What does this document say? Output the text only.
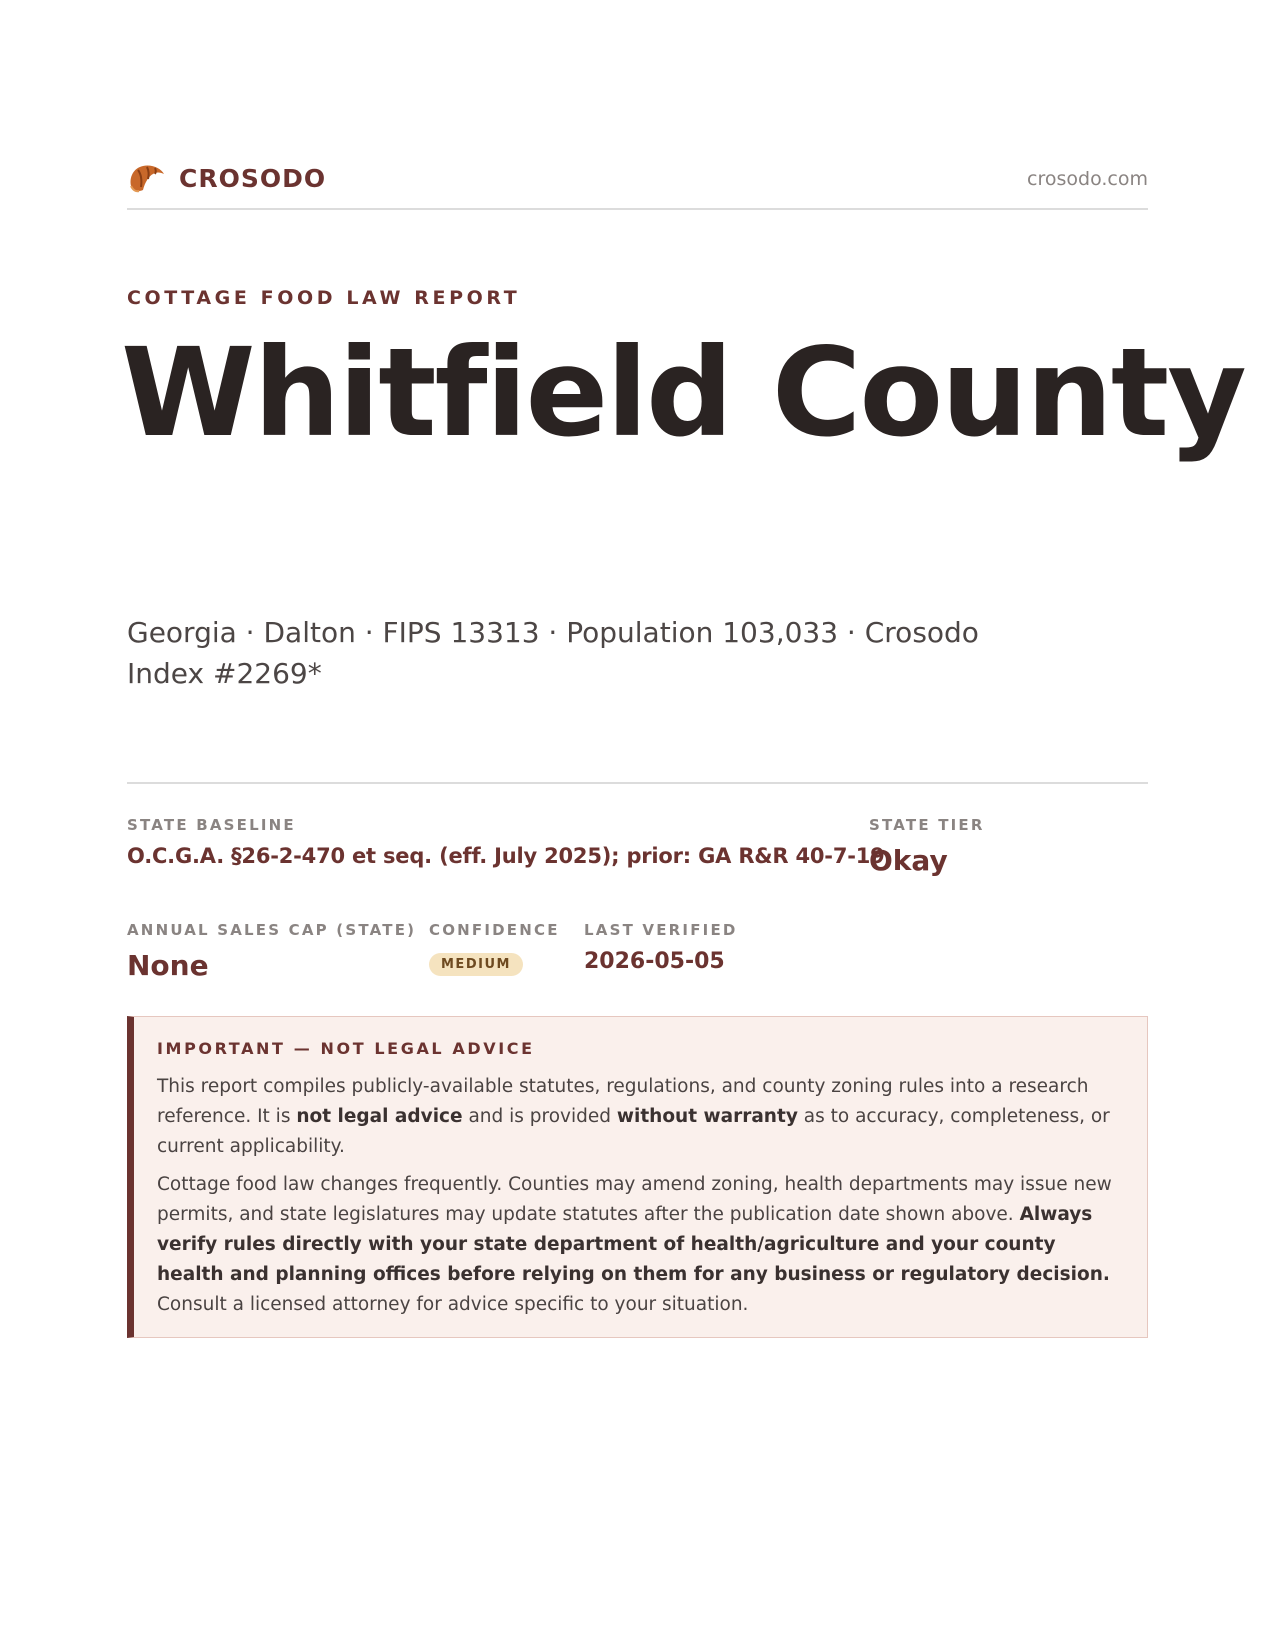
CROSODO	crosodo.com
COTTAGE FOOD LAW REPORT
Whitfield County

Georgia · Dalton · FIPS 13313 · Population 103,033 · Crosodo Index #2269*

STATE BASELINE
O.C.G.A. §26-2-470 et seq. (eff. July 2025); prior: GA R&R 40-7-19
STATE TIER
Okay
ANNUAL SALES CAP (STATE)
None
CONFIDENCE
MEDIUM
LAST VERIFIED
2026-05-05
IMPORTANT — NOT LEGAL ADVICE

This report compiles publicly-available statutes, regulations, and county zoning rules into a research reference. It is not legal advice and is provided without warranty as to accuracy, completeness, or current applicability.

Cottage food law changes frequently. Counties may amend zoning, health departments may issue new permits, and state legislatures may update statutes after the publication date shown above. Always verify rules directly with your state department of health/agriculture and your county health and planning offices before relying on them for any business or regulatory decision. Consult a licensed attorney for advice specific to your situation.
